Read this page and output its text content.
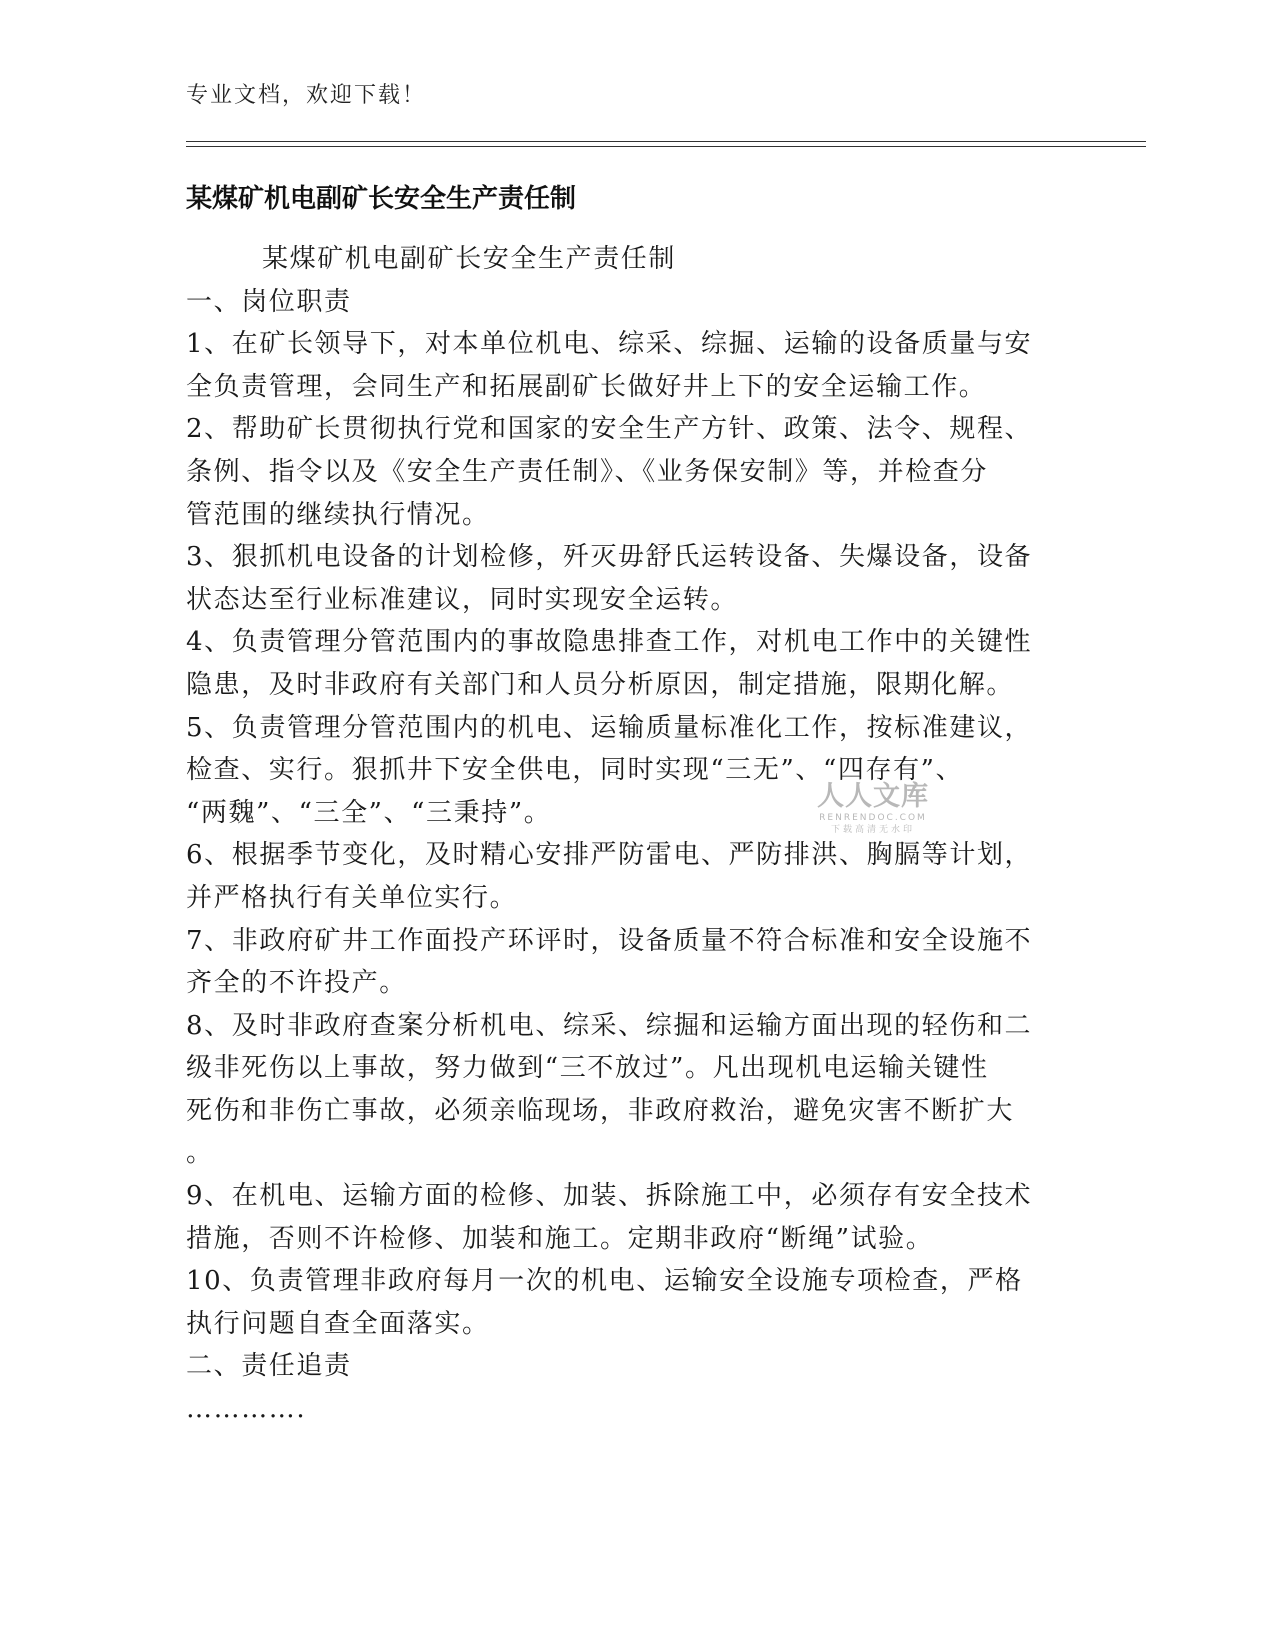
专业文档，欢迎下载！
某煤矿机电副矿长安全生产责任制

某煤矿机电副矿长安全生产责任制

一、岗位职责

1、在矿长领导下，对本单位机电、综采、综掘、运输的设备质量与安

全负责管理，会同生产和拓展副矿长做好井上下的安全运输工作。

2、帮助矿长贯彻执行党和国家的安全生产方针、政策、法令、规程、

条例、指令以及《安全生产责任制》、《业务保安制》等，并检查分

管范围的继续执行情况。

3、狠抓机电设备的计划检修，歼灭毋舒氏运转设备、失爆设备，设备

状态达至行业标准建议，同时实现安全运转。

4、负责管理分管范围内的事故隐患排查工作，对机电工作中的关键性

隐患，及时非政府有关部门和人员分析原因，制定措施，限期化解。

5、负责管理分管范围内的机电、运输质量标准化工作，按标准建议，

检查、实行。狠抓井下安全供电，同时实现“三无”、“四存有”、

“两魏”、“三全”、“三秉持”。

6、根据季节变化，及时精心安排严防雷电、严防排洪、胸膈等计划，

并严格执行有关单位实行。

7、非政府矿井工作面投产环评时，设备质量不符合标准和安全设施不

齐全的不许投产。

8、及时非政府查案分析机电、综采、综掘和运输方面出现的轻伤和二

级非死伤以上事故，努力做到“三不放过”。凡出现机电运输关键性

死伤和非伤亡事故，必须亲临现场，非政府救治，避免灾害不断扩大

。

9、在机电、运输方面的检修、加装、拆除施工中，必须存有安全技术

措施，否则不许检修、加装和施工。定期非政府“断绳”试验。

10、负责管理非政府每月一次的机电、运输安全设施专项检查，严格

执行问题自查全面落实。

二、责任追责

………….

人人文库
RENRENDOC.COM
下载高清无水印
